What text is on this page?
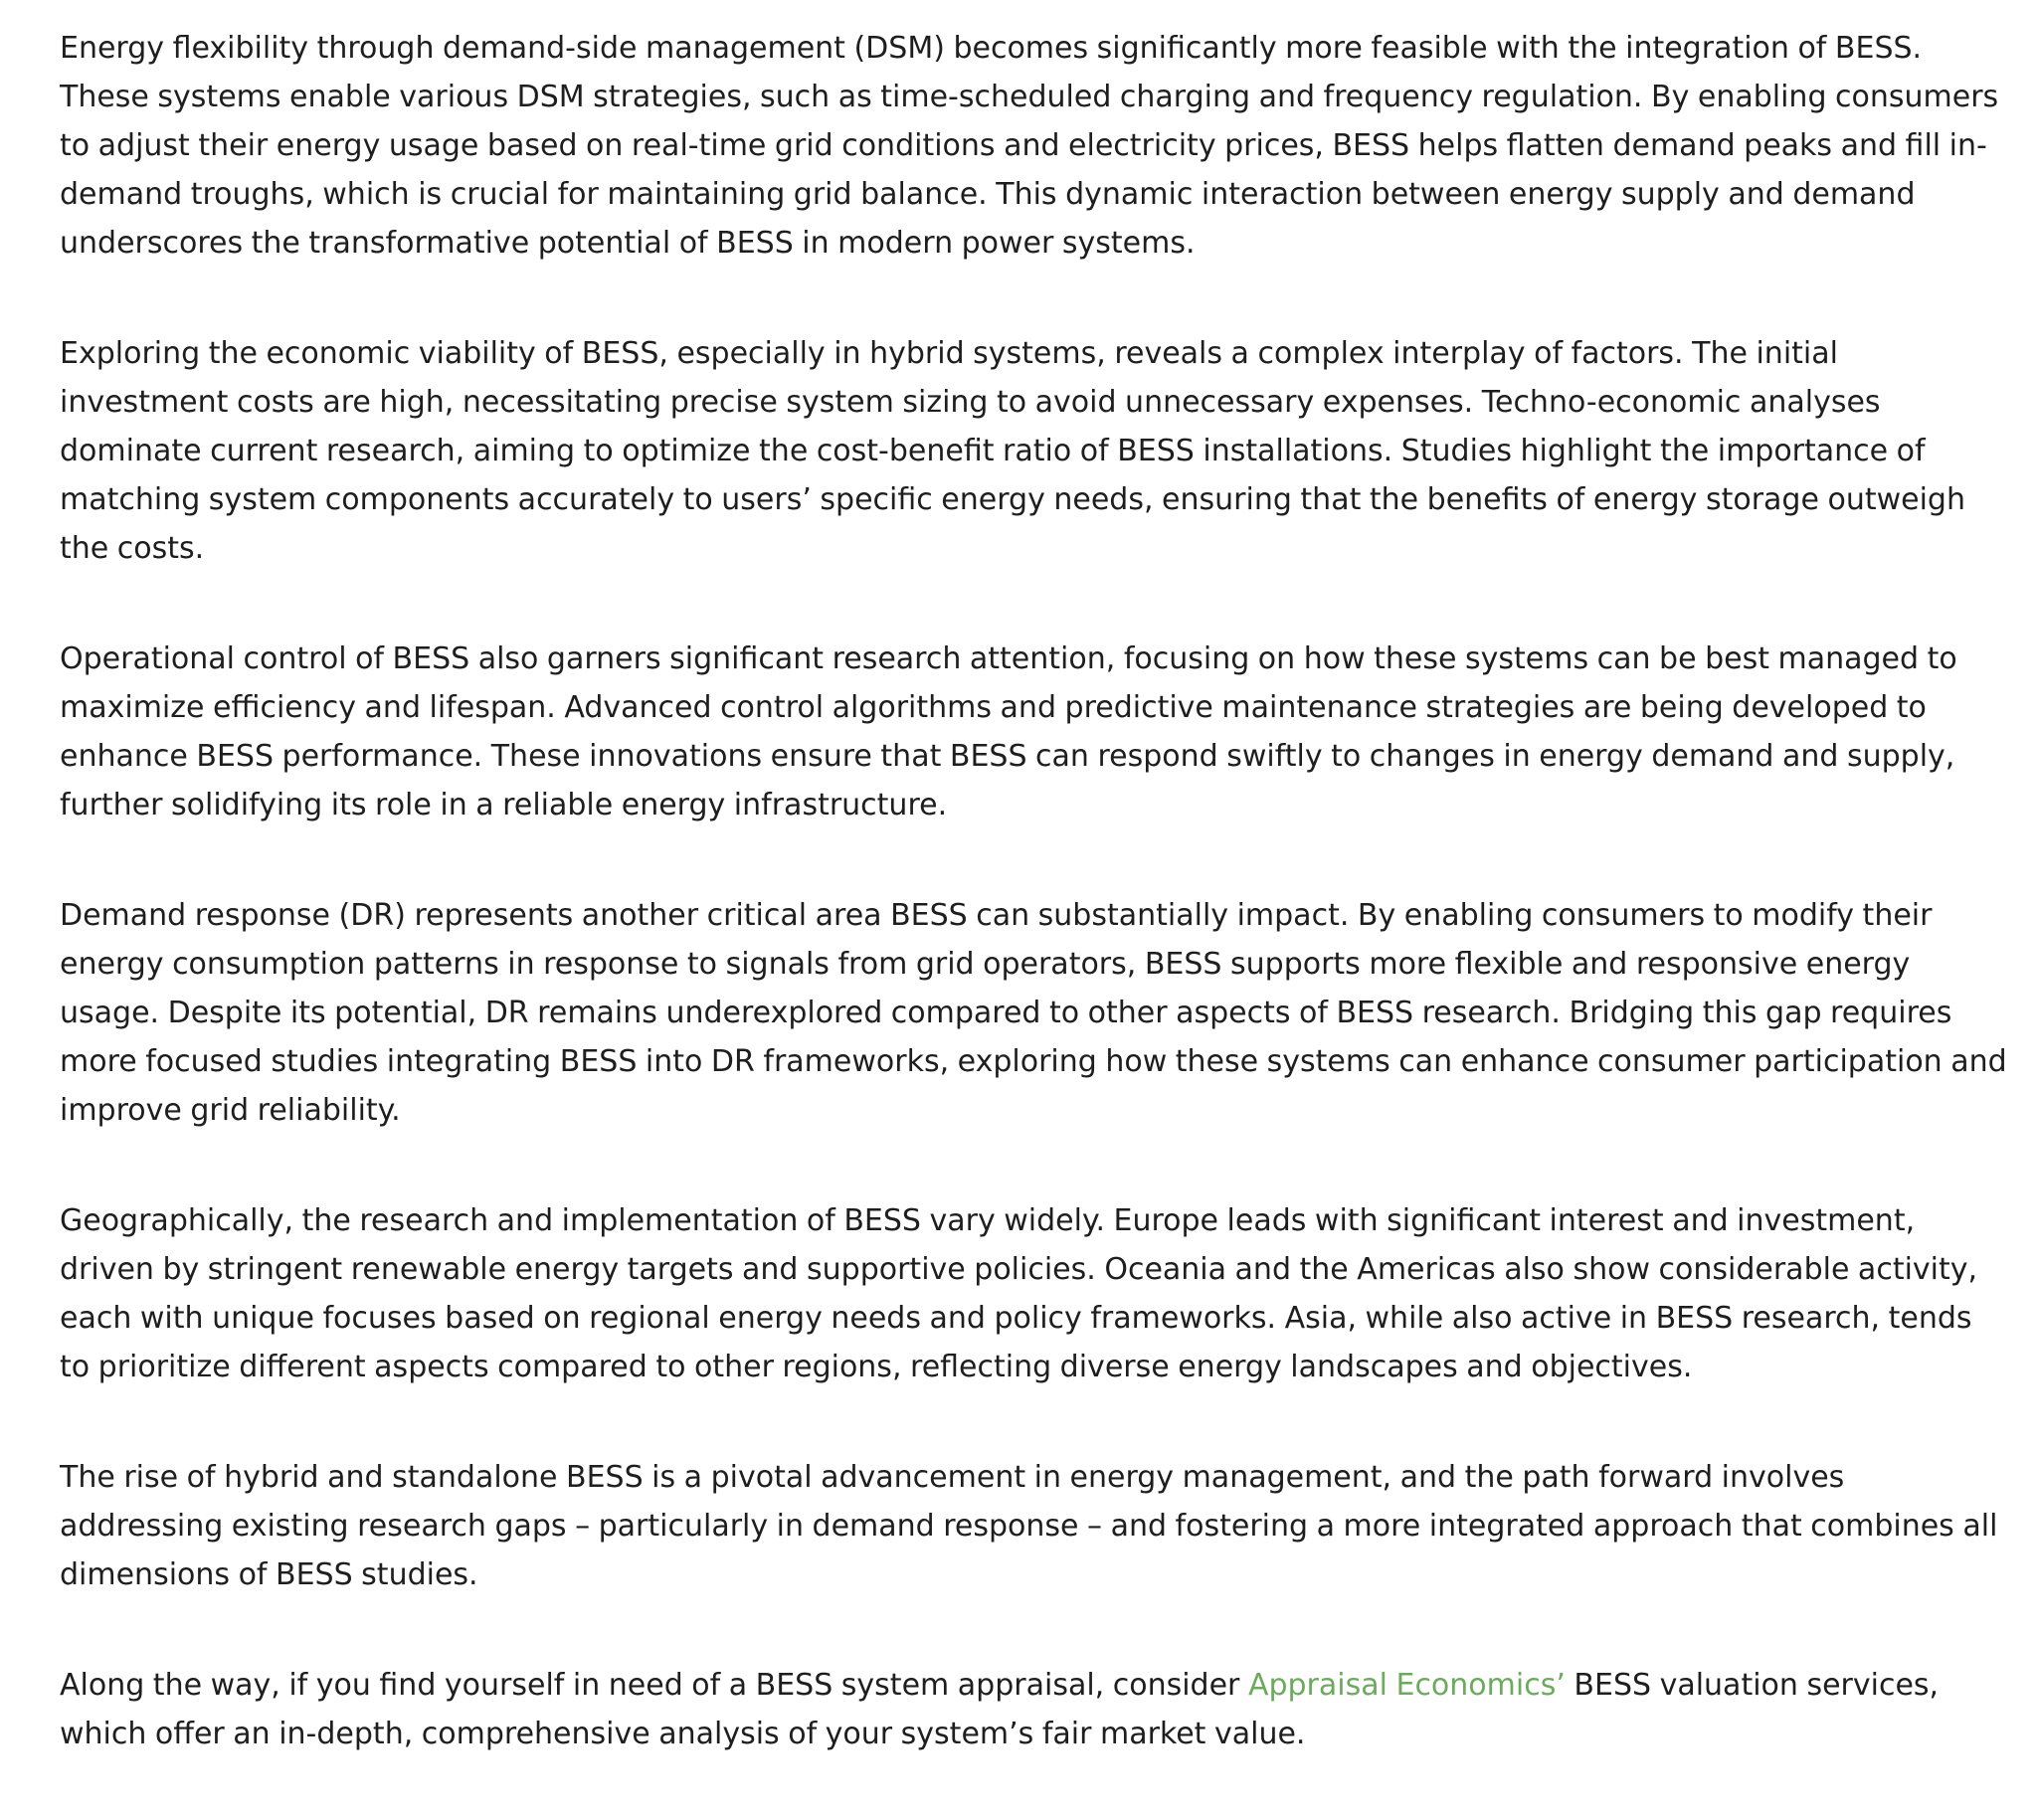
Energy flexibility through demand-side management (DSM) becomes significantly more feasible with the integration of BESS. These systems enable various DSM strategies, such as time-scheduled charging and frequency regulation. By enabling consumers to adjust their energy usage based on real-time grid conditions and electricity prices, BESS helps flatten demand peaks and fill in-demand troughs, which is crucial for maintaining grid balance. This dynamic interaction between energy supply and demand underscores the transformative potential of BESS in modern power systems.

Exploring the economic viability of BESS, especially in hybrid systems, reveals a complex interplay of factors. The initial investment costs are high, necessitating precise system sizing to avoid unnecessary expenses. Techno-economic analyses dominate current research, aiming to optimize the cost-benefit ratio of BESS installations. Studies highlight the importance of matching system components accurately to users’ specific energy needs, ensuring that the benefits of energy storage outweigh the costs.

Operational control of BESS also garners significant research attention, focusing on how these systems can be best managed to maximize efficiency and lifespan. Advanced control algorithms and predictive maintenance strategies are being developed to enhance BESS performance. These innovations ensure that BESS can respond swiftly to changes in energy demand and supply, further solidifying its role in a reliable energy infrastructure.

Demand response (DR) represents another critical area BESS can substantially impact. By enabling consumers to modify their energy consumption patterns in response to signals from grid operators, BESS supports more flexible and responsive energy usage. Despite its potential, DR remains underexplored compared to other aspects of BESS research. Bridging this gap requires more focused studies integrating BESS into DR frameworks, exploring how these systems can enhance consumer participation and improve grid reliability.

Geographically, the research and implementation of BESS vary widely. Europe leads with significant interest and investment, driven by stringent renewable energy targets and supportive policies. Oceania and the Americas also show considerable activity, each with unique focuses based on regional energy needs and policy frameworks. Asia, while also active in BESS research, tends to prioritize different aspects compared to other regions, reflecting diverse energy landscapes and objectives.

The rise of hybrid and standalone BESS is a pivotal advancement in energy management, and the path forward involves addressing existing research gaps – particularly in demand response – and fostering a more integrated approach that combines all dimensions of BESS studies.

Along the way, if you find yourself in need of a BESS system appraisal, consider Appraisal Economics’ BESS valuation services, which offer an in-depth, comprehensive analysis of your system’s fair market value.
